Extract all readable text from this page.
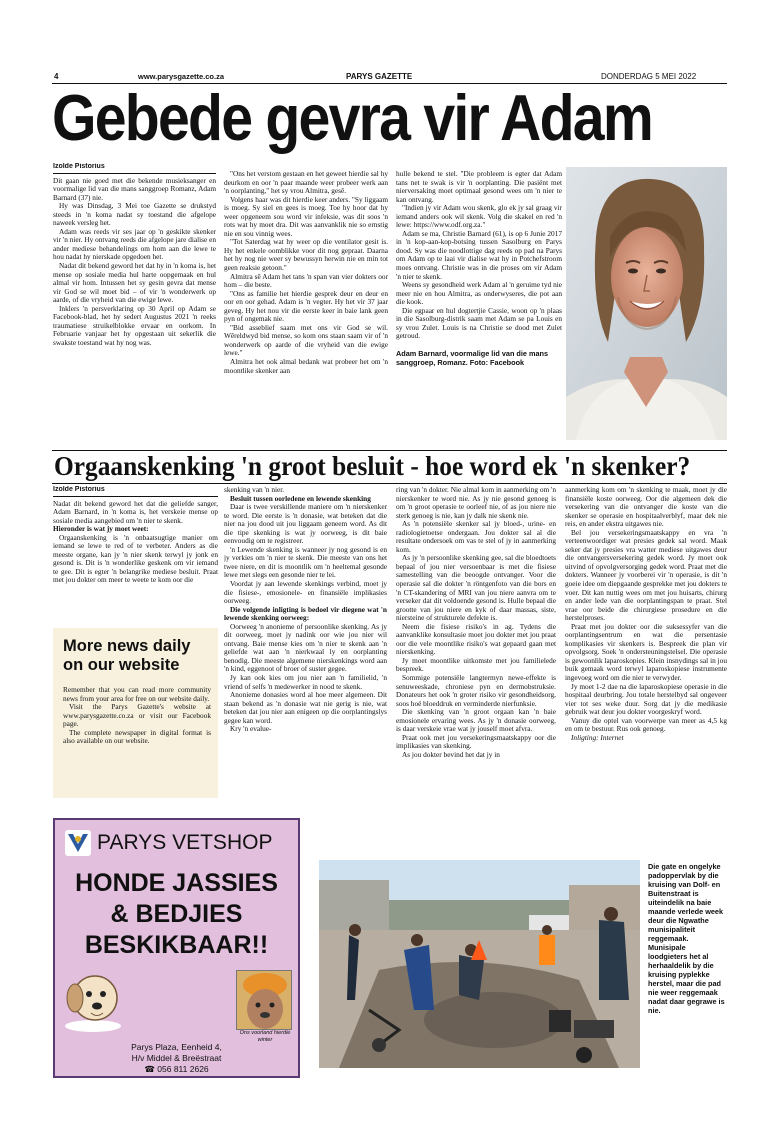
4	www.parysgazette.co.za	PARYS GAZETTE	DONDERDAG 5 MEI 2022
Gebede gevra vir Adam
Izolde Pistorius

Dit gaan nie goed met die bekende musieksanger en voormalige lid van die mans sanggroep Romanz, Adam Barnard (37) nie.

Hy was Dinsdag, 3 Mei toe Gazette se drukstyd steeds in 'n koma nadat sy toestand die afgelope naweek versleg het.

Adam was reeds vir ses jaar op 'n geskikte skenker vir 'n nier. Hy ontvang reeds die afgelope jare dialise en ander mediese behandelings om hom aan die lewe te hou nadat hy nierskade opgedoen het.

Nadat dit bekend geword het dat hy in 'n koma is, het mense op sosiale media hul harte oopgemaak en hul almal vir hom. Intussen het sy gesin gevra dat mense vir God se wil moet bid – of vir 'n wonderwerk op aarde, of die vryheid van die ewige lewe.

Inklers 'n persverklaring op 30 April op Adam se Facebook-blad, het hy sedert Augustus 2021 'n reeks traumatiese struikelblokke ervaar en oorkom. In Februarie vanjaar het hy opgestaan uit sekerlik die swakste toestand wat hy nog was.

"Ons het verstom gestaan en het geweet hierdie sal hy deurkom en oor 'n paar maande weer probeer werk aan 'n oorplanting," het sy vrou Almitra, gesê.

Volgens haar was dit hierdie keer anders. "Sy liggaam is moeg. Sy siel en gees is moeg. Toe hy hoor dat hy weer opgeneem sou word vir infeksie, was dit soos 'n rots wat hy moet dra. Dit was aanvanklik nie so ernstig nie en sou vinnig wees.

"Tot Saterdag wat hy weer op die ventilator gesit is. Hy het enkele oomblikke voor dit nog gepraat. Daarna het hy nog nie weer sy bewussyn herwin nie en min tot geen reaksie getoon."

Almitra sê Adam het tans 'n span van vier dokters oor hom – die beste.

"Ons as familie het hierdie gesprek deur en deur en oor en oor gehad. Adam is 'n vegter. Hy het vir 37 jaar geveg. Hy het nou vir die eerste keer in baie lank geen pyn of ongemak nie.

"Bid asseblief saam met ons vir God se wil. Wêreldwyd bid mense, so kom ons staan saam vir of 'n wonderwerk op aarde of die vryheid van die ewige lewe."

Almitra het ook almal bedank wat probeer het om 'n moontlike skenker aan

hulle bekend te stel. "Die probleem is egter dat Adam tans net te swak is vir 'n oorplanting. Die pasiënt met nierversaking moet optimaal gesond wees om 'n nier te kan ontvang.

"Indien jy vir Adam wou skenk, glo ek jy sal graag vir iemand anders ook wil skenk. Volg die skakel en red 'n lewe: https://www.odf.org.za."

Adam se ma, Christie Barnard (61), is op 6 Junie 2017 in 'n kop-aan-kop-botsing tussen Sasolburg en Parys dood. Sy was die noodlottige dag reeds op pad na Parys om Adam op te laai vir dialise wat hy in Potchefstroom moes ontvang. Christie was in die proses om vir Adam 'n nier te skenk.

Weens sy gesondheid werk Adam al 'n geruime tyd nie meer nie en hou Almitra, as onderwyseres, die pot aan die kook.

Die egpaar en hul dogtertjie Cassie, woon op 'n plaas in die Sasolburg-distrik saam met Adam se pa Louis en sy vrou Zulet. Louis is na Christie se dood met Zulet getroud.

Adam Barnard, voormalige lid van die mans sanggroep, Romanz. Foto: Facebook
Orgaanskenking 'n groot besluit - hoe word ek 'n skenker?
Izolde Pistorius

Nadat dit bekend geword het dat die geliefde sanger, Adam Barnard, in 'n koma is, het verskeie mense op sosiale media aangebied om 'n nier te skenk.

Hieronder is wat jy moet weet:

Orgaanskenking is 'n onbaatsugtige manier om iemand se lewe te red of te verbeter. Anders as die meeste organe, kan jy 'n nier skenk terwyl jy jonk en gesond is. Dit is 'n wonderlike geskenk om vir iemand te gee. Dit is egter 'n belangrike mediese besluit. Praat met jou dokter om meer te weete te kom oor die

More news daily on our website

Remember that you can read more community news from your area for free on our website daily.

Visit the Parys Gazette's website at www.parysgazette.co.za or visit our Facebook page.

The complete newspaper in digital format is also available on our website.

skenking van 'n nier.

Besluit tussen oorledene en lewende skenking

Daar is twee verskillende maniere om 'n nierskenker te word. Die eerste is 'n donasie, wat beteken dat die nier na jou dood uit jou liggaam geneem word. As dit die tipe skenking is wat jy oorweeg, is dit baie eenvoudig om te registreer.

'n Lewende skenking is wanneer jy nog gesond is en jy verkies om 'n nier te skenk. Die meeste van ons het twee niere, en dit is moontlik om 'n heeltemal gesonde lewe met slegs een gesonde nier te lei.

Voordat jy aan lewende skenkings verbind, moet jy die fisiese-, emosionele- en finansiële implikasies oorweeg.

Die volgende inligting is bedoel vir diegene wat 'n lewende skenking oorweeg:

Oorweeg 'n anonieme of persoonlike skenking. As jy dit oorweeg, moet jy nadink oor wie jou nier wil ontvang. Baie mense kies om 'n nier te skenk aan 'n geliefde wat aan 'n nierkwaal ly en oorplanting benodig. Die meeste algemene nierskenkings word aan 'n kind, eggenoot of broer of suster gegee.

Jy kan ook kies om jou nier aan 'n familielid, 'n vriend of selfs 'n medewerker in nood te skenk.

Anonieme donasies word al hoe meer algemeen. Dit staan bekend as 'n donasie wat nie gerig is nie, wat beteken dat jou nier aan enigeen op die oorplantingslys gegee kan word.

Kry 'n evalue-

ring van 'n dokter. Nie almal kom in aanmerking om 'n nierskenker te word nie. As jy nie gesond genoeg is om 'n groot operasie te oorleef nie, of as jou niere nie sterk genoeg is nie, kan jy dalk nie skenk nie.

As 'n potensiële skenker sal jy bloed-, urine- en radiologietoetse ondergaan. Jou dokter sal al die resultate ondersoek om vas te stel of jy in aanmerking kom.

As jy 'n persoonlike skenking gee, sal die bloedtoets bepaal of jou nier versoenbaar is met die fisiese samestelling van die beoogde ontvanger. Voor die operasie sal die dokter 'n röntgenfoto van die bors en 'n CT-skandering of MRI van jou niere aanvra om te verseker dat dit voldoende gesond is. Hulle bepaal die grootte van jou niere en kyk of daar massas, siste, niersteine of strukturele defekte is.

Neem die fisiese risiko's in ag. Tydens die aanvanklike konsultasie moet jou dokter met jou praat oor die vele moontlike risiko's wat gepaard gaan met nierskenking.

Jy moet moontlike uitkomste met jou familielede bespreek.

Sommige potensiële langtermyn newe-effekte is senuweeskade, chroniese pyn en dermobstruksie. Donateurs het ook 'n groter risiko vir gesondheidsorg, soos hoë bloeddruk en verminderde nierfunksie.

Die skenking van 'n groot orgaan kan 'n baie emosionele ervaring wees. As jy 'n donasie oorweeg, is daar verskeie vrae wat jy jouself moet afvra.

Praat ook met jou versekeringsmaatskappy oor die implikasies van skenking.

As jou dokter bevind het dat jy in

aanmerking kom om 'n skenking te maak, moet jy die finansiële koste oorweeg. Oor die algemeen dek die versekering van die ontvanger die koste van die skenker se operasie en hospitaalverblyf, maar dek nie reis, en ander ekstra uitgawes nie.

Bel jou versekeringsmaatskappy en vra 'n verteenwoordiger wat presies gedek sal word. Maak seker dat jy presies vra watter mediese uitgawes deur die ontvangersversekering gedek word. Jy moet ook uitvind of opvolgversorging gedek word. Praat met die dokters. Wanneer jy voorberei vir 'n operasie, is dit 'n goeie idee om diepgaande gesprekke met jou dokters te voer. Dit kan nuttig wees om met jou huisarts, chirurg en ander lede van die oorplantingspan te praat. Stel vrae oor beide die chirurgiese prosedure en die herstelproses.

Praat met jou dokter oor die suksessyfer van die oorplantingsentrum en wat die persentasie komplikasies vir skenkers is. Bespreek die plan vir opvolgsorg. Soek 'n ondersteuningstelsel. Die operasie is gewoonlik laparoskopies. Klein insnydings sal in jou buik gemaak word terwyl laparoskopiese instrumente ingevoeg word om die nier te verwyder.

Jy moet 1-2 dae na die laparoskopiese operasie in die hospitaal deurbring. Jou totale herstelbyd sal ongeveer vier tot ses weke duur. Sorg dat jy die medikasie gebruik wat deur jou dokter voorgeskryf word.

Vanuy die optel van voorwerpe van meer as 4,5 kg en om te bestuur. Rus ook genoeg.

Inligting: Internet

PARYS VETSHOP
HONDE JASSIES
& BEDJIES
BESKIKBAAR!!
Ons voorland hierdie winter
Parys Plaza, Eenheid 4,
H/v Middel & Breëstraat
☎ 056 811 2626
Die gate en ongelyke padoppervlak by die kruising van Dolf- en Buitenstraat is uiteindelik na baie maande verlede week deur die Ngwathe munisipaliteit reggemaak. Munisipale loodgieters het al herhaaldelik by die kruising pyplekke herstel, maar die pad nie weer reggemaak nadat daar gegrawe is nie.
